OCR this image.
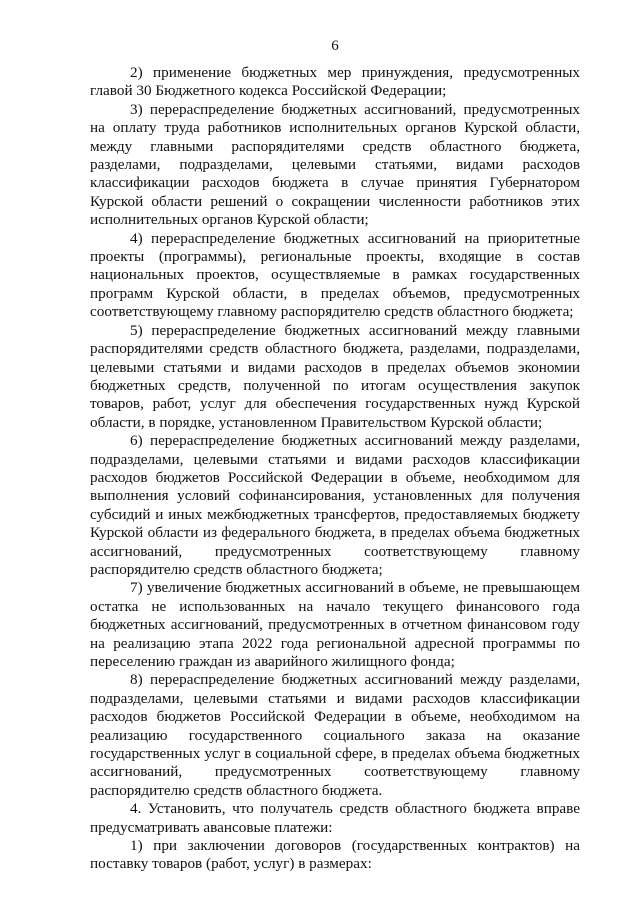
6

2) применение бюджетных мер принуждения, предусмотренных главой 30 Бюджетного кодекса Российской Федерации;

3) перераспределение бюджетных ассигнований, предусмотренных на оплату труда работников исполнительных органов Курской области, между главными распорядителями средств областного бюджета, разделами, подразделами, целевыми статьями, видами расходов классификации расходов бюджета в случае принятия Губернатором Курской области решений о сокращении численности работников этих исполнительных органов Курской области;

4) перераспределение бюджетных ассигнований на приоритетные проекты (программы), региональные проекты, входящие в состав национальных проектов, осуществляемые в рамках государственных программ Курской области, в пределах объемов, предусмотренных соответствующему главному распорядителю средств областного бюджета;

5) перераспределение бюджетных ассигнований между главными распорядителями средств областного бюджета, разделами, подразделами, целевыми статьями и видами расходов в пределах объемов экономии бюджетных средств, полученной по итогам осуществления закупок товаров, работ, услуг для обеспечения государственных нужд Курской области, в порядке, установленном Правительством Курской области;

6) перераспределение бюджетных ассигнований между разделами, подразделами, целевыми статьями и видами расходов классификации расходов бюджетов Российской Федерации в объеме, необходимом для выполнения условий софинансирования, установленных для получения субсидий и иных межбюджетных трансфертов, предоставляемых бюджету Курской области из федерального бюджета, в пределах объема бюджетных ассигнований, предусмотренных соответствующему главному распорядителю средств областного бюджета;

7) увеличение бюджетных ассигнований в объеме, не превышающем остатка не использованных на начало текущего финансового года бюджетных ассигнований, предусмотренных в отчетном финансовом году на реализацию этапа 2022 года региональной адресной программы по переселению граждан из аварийного жилищного фонда;

8) перераспределение бюджетных ассигнований между разделами, подразделами, целевыми статьями и видами расходов классификации расходов бюджетов Российской Федерации в объеме, необходимом на реализацию государственного социального заказа на оказание государственных услуг в социальной сфере, в пределах объема бюджетных ассигнований, предусмотренных соответствующему главному распорядителю средств областного бюджета.

4. Установить, что получатель средств областного бюджета вправе предусматривать авансовые платежи:

1) при заключении договоров (государственных контрактов) на поставку товаров (работ, услуг) в размерах:
